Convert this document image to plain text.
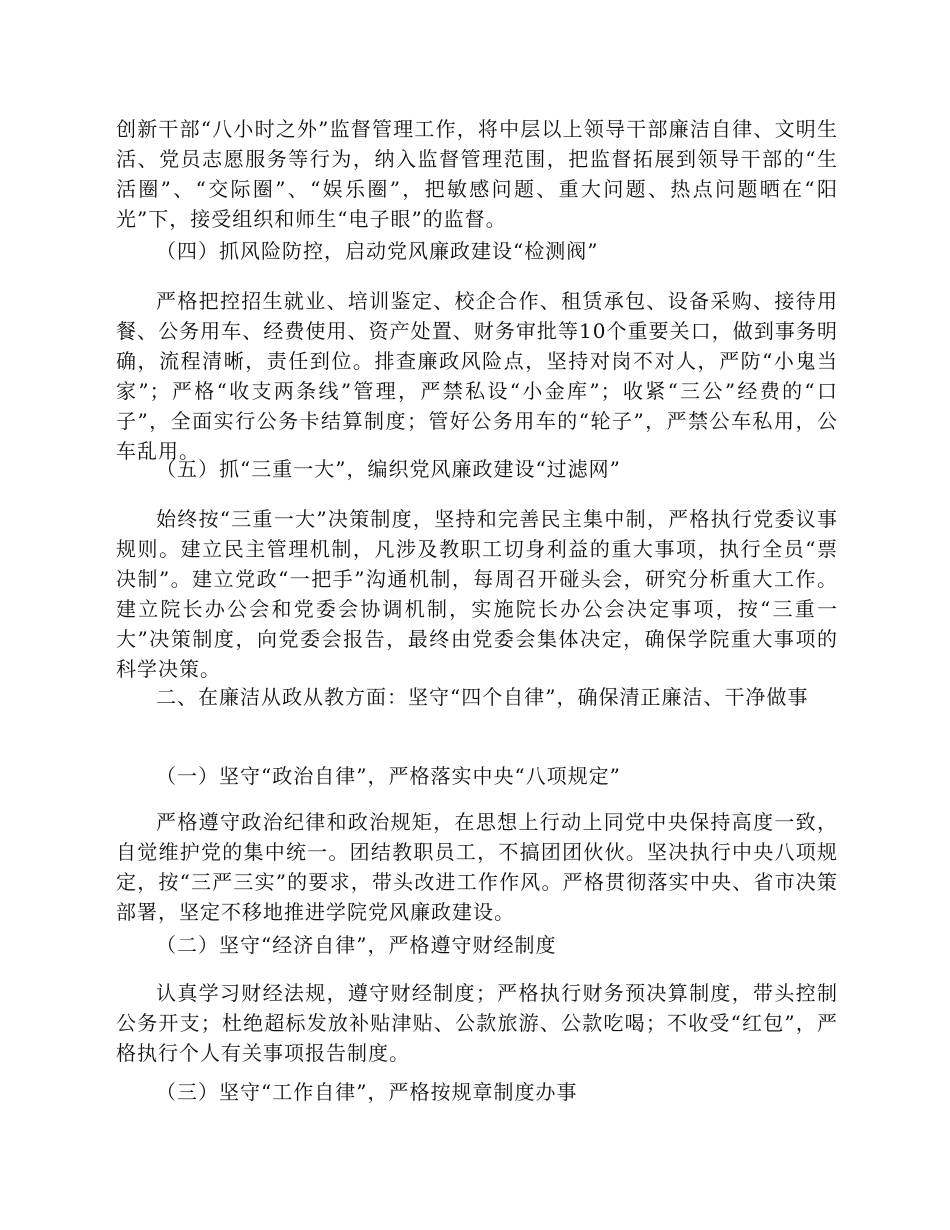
创新干部“八小时之外”监督管理工作，将中层以上领导干部廉洁自律、文明生活、党员志愿服务等行为，纳入监督管理范围，把监督拓展到领导干部的“生活圈”、“交际圈”、“娱乐圈”，把敏感问题、重大问题、热点问题晒在“阳光”下，接受组织和师生“电子眼”的监督。

（四）抓风险防控，启动党风廉政建设“检测阀”

严格把控招生就业、培训鉴定、校企合作、租赁承包、设备采购、接待用餐、公务用车、经费使用、资产处置、财务审批等10个重要关口，做到事务明确，流程清晰，责任到位。排查廉政风险点，坚持对岗不对人，严防“小鬼当家”；严格“收支两条线”管理，严禁私设“小金库”；收紧“三公”经费的“口子”，全面实行公务卡结算制度；管好公务用车的“轮子”，严禁公车私用，公车乱用。

（五）抓“三重一大”，编织党风廉政建设“过滤网”

始终按“三重一大”决策制度，坚持和完善民主集中制，严格执行党委议事规则。建立民主管理机制，凡涉及教职工切身利益的重大事项，执行全员“票决制”。建立党政“一把手”沟通机制，每周召开碰头会，研究分析重大工作。建立院长办公会和党委会协调机制，实施院长办公会决定事项，按“三重一大”决策制度，向党委会报告，最终由党委会集体决定，确保学院重大事项的科学决策。

二、在廉洁从政从教方面：坚守“四个自律”，确保清正廉洁、干净做事

（一）坚守“政治自律”，严格落实中央“八项规定”

严格遵守政治纪律和政治规矩，在思想上行动上同党中央保持高度一致，自觉维护党的集中统一。团结教职员工，不搞团团伙伙。坚决执行中央八项规定，按“三严三实”的要求，带头改进工作作风。严格贯彻落实中央、省市决策部署，坚定不移地推进学院党风廉政建设。

（二）坚守“经济自律”，严格遵守财经制度

认真学习财经法规，遵守财经制度；严格执行财务预决算制度，带头控制公务开支；杜绝超标发放补贴津贴、公款旅游、公款吃喝；不收受“红包”，严格执行个人有关事项报告制度。

（三）坚守“工作自律”，严格按规章制度办事
